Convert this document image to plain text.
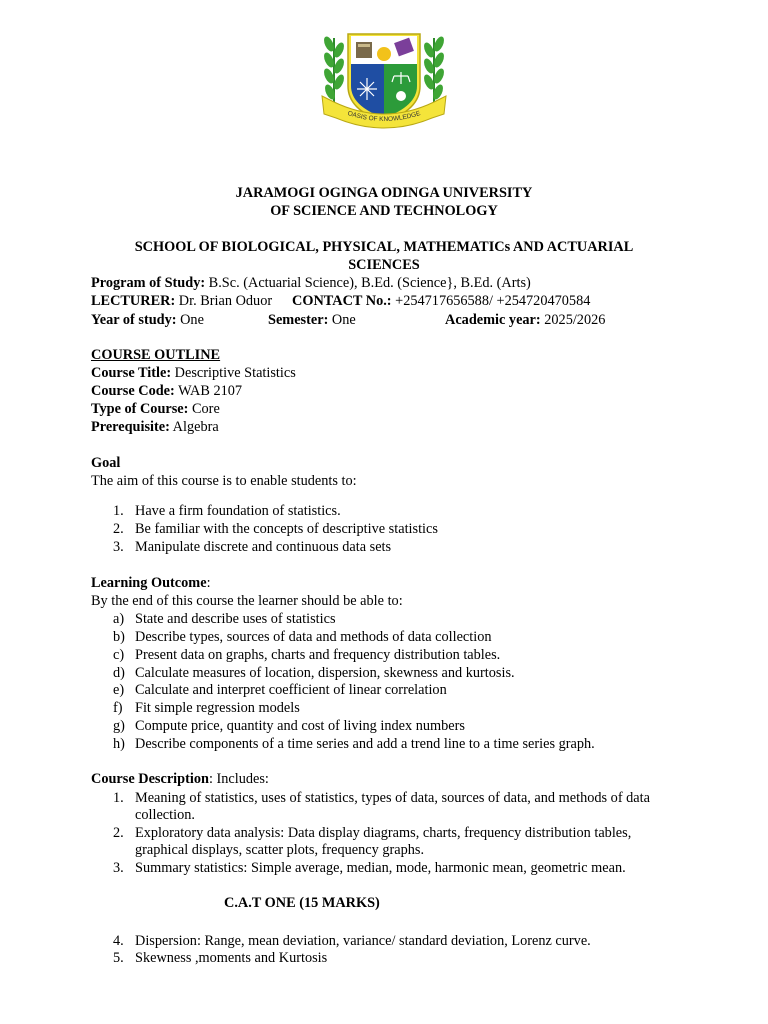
OASIS OF KNOWLEDGE
JARAMOGI OGINGA ODINGA UNIVERSITY
OF SCIENCE AND TECHNOLOGY
SCHOOL OF BIOLOGICAL, PHYSICAL, MATHEMATICs AND ACTUARIAL
SCIENCES
Program of Study: B.Sc. (Actuarial Science), B.Ed. (Science}, B.Ed. (Arts)
LECTURER: Dr. Brian Oduor CONTACT No.: +254717656588/ +254720470584
Year of study: One	Semester: One	Academic year: 2025/2026
COURSE OUTLINE
Course Title: Descriptive Statistics
Course Code: WAB 2107
Type of Course: Core
Prerequisite: Algebra
Goal
The aim of this course is to enable students to:
1. Have a firm foundation of statistics.
2. Be familiar with the concepts of descriptive statistics
3. Manipulate discrete and continuous data sets
Learning Outcome:
By the end of this course the learner should be able to:
a) State and describe uses of statistics
b) Describe types, sources of data and methods of data collection
c) Present data on graphs, charts and frequency distribution tables.
d) Calculate measures of location, dispersion, skewness and kurtosis.
e) Calculate and interpret coefficient of linear correlation
f) Fit simple regression models
g) Compute price, quantity and cost of living index numbers
h) Describe components of a time series and add a trend line to a time series graph.
Course Description: Includes:
1. Meaning of statistics, uses of statistics, types of data, sources of data, and methods of data
collection.
2. Exploratory data analysis: Data display diagrams, charts, frequency distribution tables,
graphical displays, scatter plots, frequency graphs.
3. Summary statistics: Simple average, median, mode, harmonic mean, geometric mean.
C.A.T ONE (15 MARKS)
4. Dispersion: Range, mean deviation, variance/ standard deviation, Lorenz curve.
5. Skewness ,moments and Kurtosis
